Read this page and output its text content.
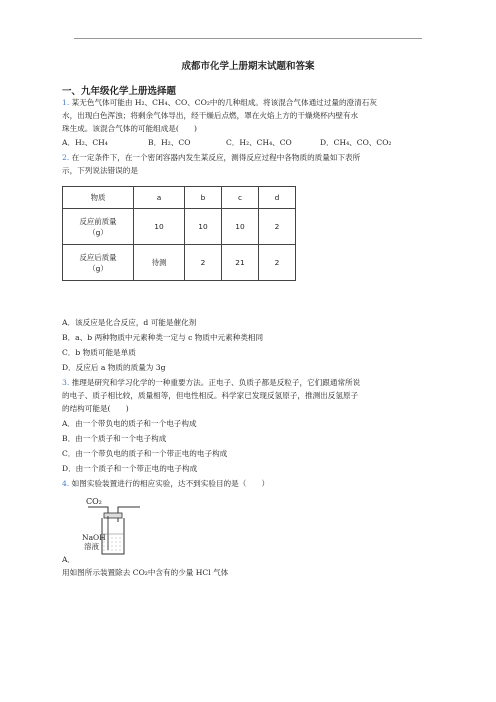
成都市化学上册期末试题和答案
一、九年级化学上册选择题
1. 某无色气体可能由 H₂、CH₄、CO、CO₂中的几种组成。将该混合气体通过过量的澄清石灰
水，出现白色浑浊；将剩余气体导出，经干燥后点燃，罩在火焰上方的干燥烧杯内壁有水
珠生成。该混合气体的可能组成是(　　)
A．H₂、CH₄	B．H₂、CO	C．H₂、CH₄、CO	D．CH₄、CO、CO₂
2. 在一定条件下，在一个密闭容器内发生某反应，测得反应过程中各物质的质量如下表所
示，下列说法错误的是
物质	a	b	c	d

反应前质量
（g）	10	10	10	2

反应后质量
（g）	待测	2	21	2
A．该反应是化合反应，d 可能是催化剂
B．a、b 两种物质中元素种类一定与 c 物质中元素种类相同
C．b 物质可能是单质
D．反应后 a 物质的质量为 3g
3. 推理是研究和学习化学的一种重要方法。正电子、负质子都是反粒子，它们跟通常所说
的电子、质子相比较，质量相等，但电性相反。科学家已发现反氢原子，推测出反氢原子
的结构可能是(　　)
A．由一个带负电的质子和一个电子构成
B．由一个质子和一个电子构成
C．由一个带负电的质子和一个带正电的电子构成
D．由一个质子和一个带正电的电子构成
4. 如图实验装置进行的相应实验，达不到实验目的是（　　）
CO₂
NaOH
溶液
A．
用如图所示装置除去 CO₂中含有的少量 HCl 气体
